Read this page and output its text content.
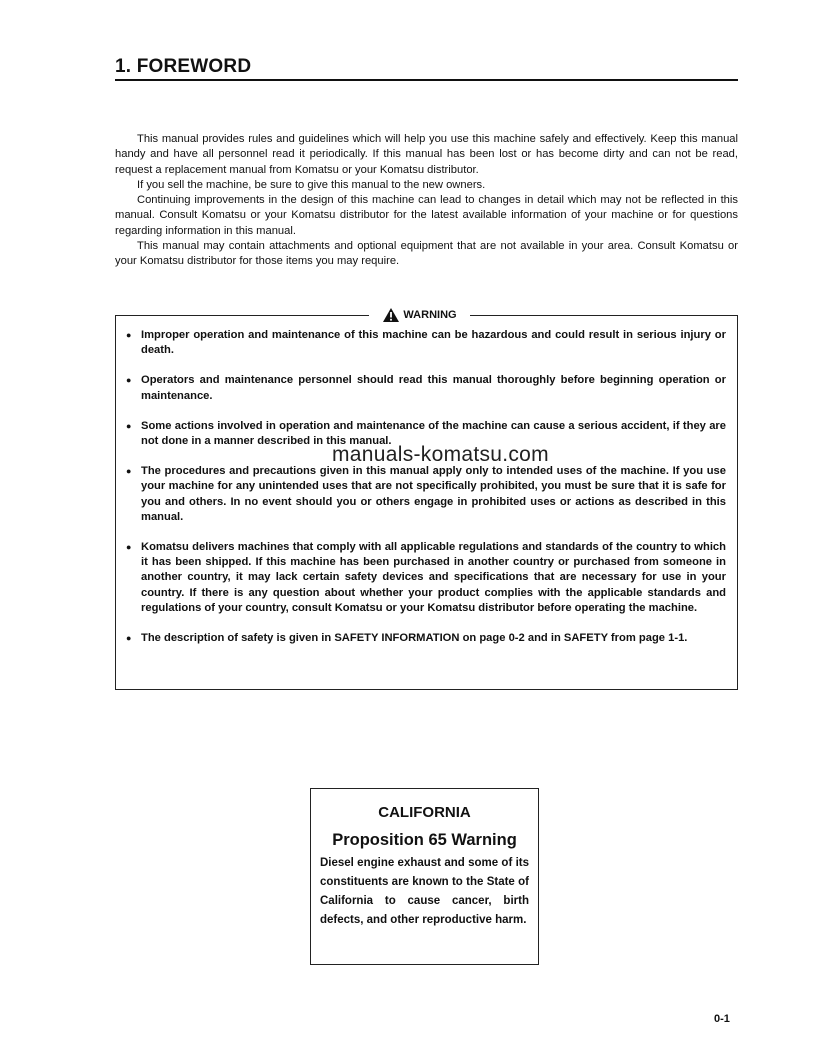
1. FOREWORD

This manual provides rules and guidelines which will help you use this machine safely and effectively. Keep this manual handy and have all personnel read it periodically. If this manual has been lost or has become dirty and can not be read, request a replacement manual from Komatsu or your Komatsu distributor.

If you sell the machine, be sure to give this manual to the new owners.

Continuing improvements in the design of this machine can lead to changes in detail which may not be reflected in this manual. Consult Komatsu or your Komatsu distributor for the latest available information of your machine or for questions regarding information in this manual.

This manual may contain attachments and optional equipment that are not available in your area. Consult Komatsu or your Komatsu distributor for those items you may require.

WARNING
● Improper operation and maintenance of this machine can be hazardous and could result in serious injury or death.
● Operators and maintenance personnel should read this manual thoroughly before beginning operation or maintenance.
● Some actions involved in operation and maintenance of the machine can cause a serious accident, if they are not done in a manner described in this manual.
● The procedures and precautions given in this manual apply only to intended uses of the machine. If you use your machine for any unintended uses that are not specifically prohibited, you must be sure that it is safe for you and others. In no event should you or others engage in prohibited uses or actions as described in this manual.
● Komatsu delivers machines that comply with all applicable regulations and standards of the country to which it has been shipped. If this machine has been purchased in another country or purchased from someone in another country, it may lack certain safety devices and specifications that are necessary for use in your country. If there is any question about whether your product complies with the applicable standards and regulations of your country, consult Komatsu or your Komatsu distributor before operating the machine.
● The description of safety is given in SAFETY INFORMATION on page 0-2 and in SAFETY from page 1-1.
manuals-komatsu.com
CALIFORNIA
Proposition 65 Warning
Diesel engine exhaust and some of its constituents are known to the State of California to cause cancer, birth defects, and other reproductive harm.
0-1
